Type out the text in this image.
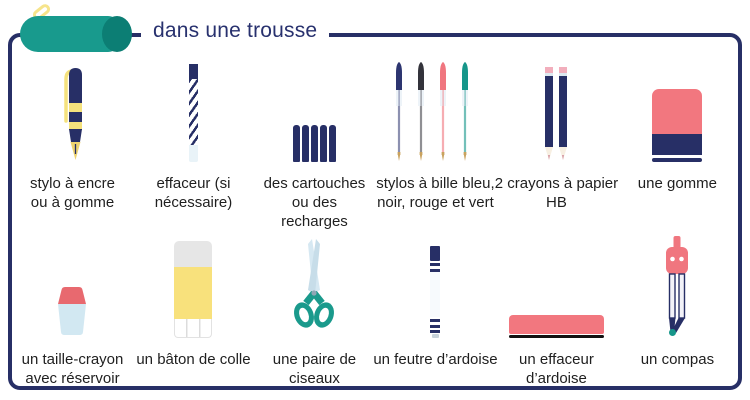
dans une trousse
stylo à encre ou à gomme
effaceur (si nécessaire)
des cartouches ou des recharges
stylos à bille bleu, noir, rouge et vert
2 crayons à papier HB
une gomme
un taille-crayon avec réservoir
un bâton de colle	une paire de ciseaux
un feutre d’ardoise	un effaceur d’ardoise
un compas
